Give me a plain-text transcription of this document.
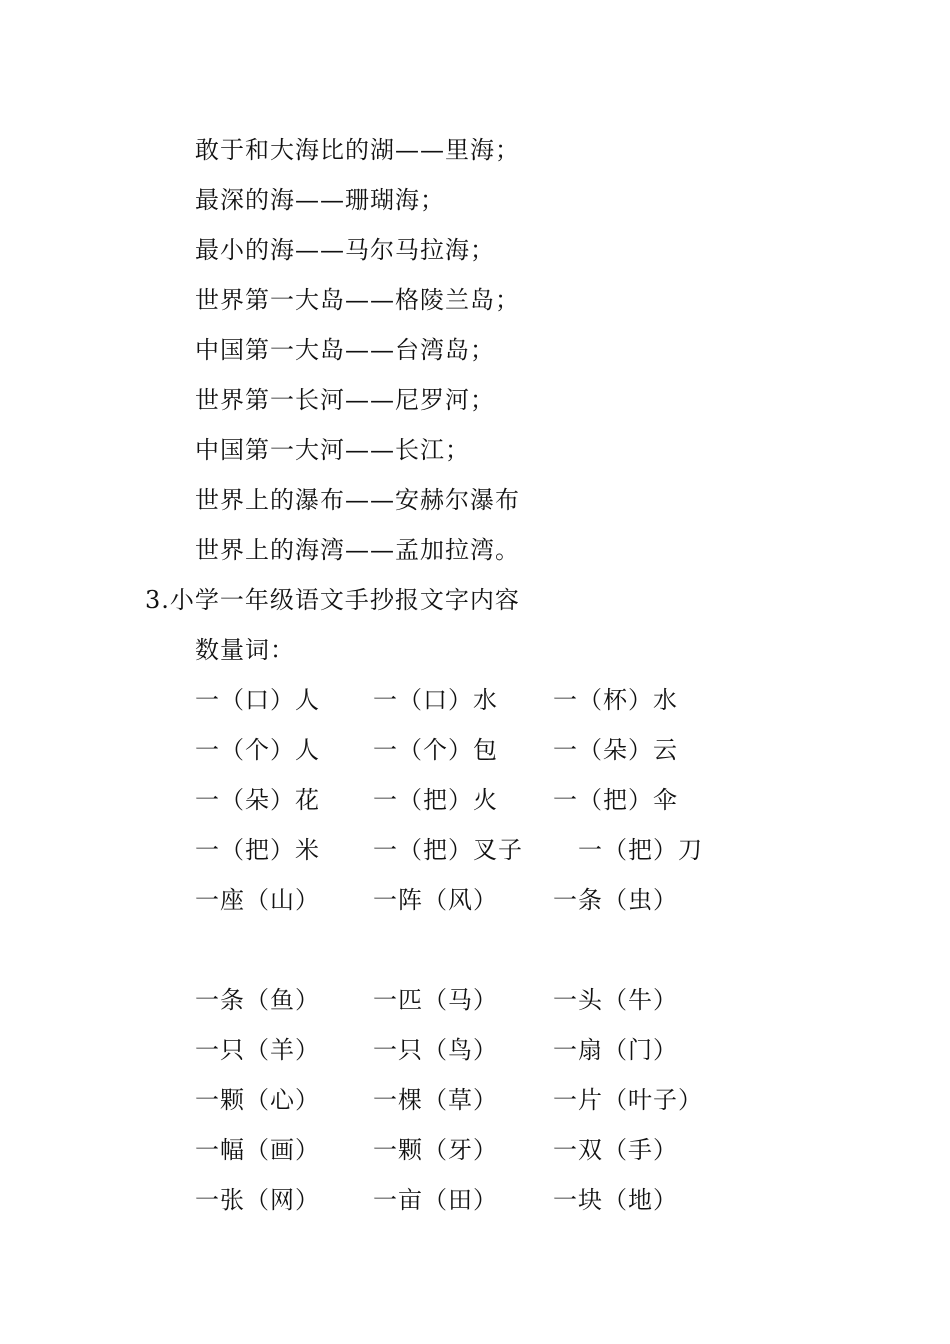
敢于和大海比的湖——里海；
最深的海——珊瑚海；
最小的海——马尔马拉海；
世界第一大岛——格陵兰岛；
中国第一大岛——台湾岛；
世界第一长河——尼罗河；
中国第一大河——长江；
世界上的瀑布——安赫尔瀑布
世界上的海湾——孟加拉湾。
3.小学一年级语文手抄报文字内容
数量词：
一（口）人 一（口）水 一（杯）水
一（个）人 一（个）包 一（朵）云
一（朵）花 一（把）火 一（把）伞
一（把）米 一（把）叉子 一（把）刀
一座（山） 一阵（风） 一条（虫）
一条（鱼） 一匹（马） 一头（牛）
一只（羊） 一只（鸟） 一扇（门）
一颗（心） 一棵（草） 一片（叶子）
一幅（画） 一颗（牙） 一双（手）
一张（网） 一亩（田） 一块（地）
